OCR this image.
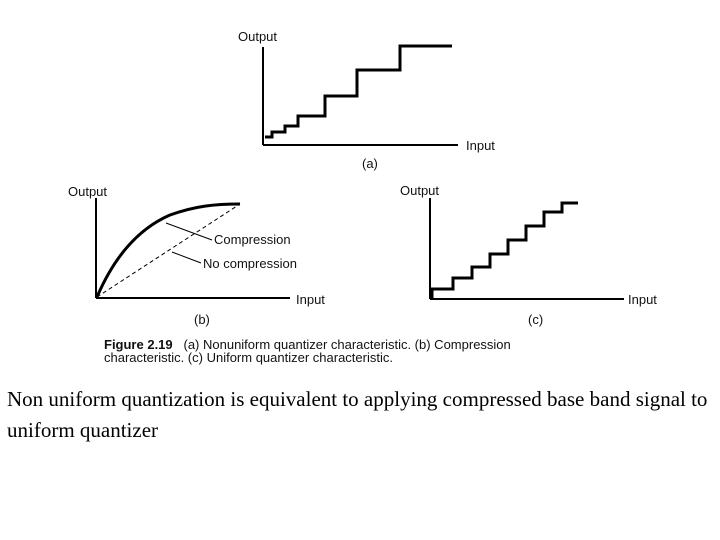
Output
Input
(a)
Output
Input
(b)
Compression
No compression
Output
Input
(c)
Figure 2.19 (a) Nonuniform quantizer characteristic. (b) Compression
characteristic. (c) Uniform quantizer characteristic.
Non uniform quantization is equivalent to applying compressed base band signal to uniform quantizer
